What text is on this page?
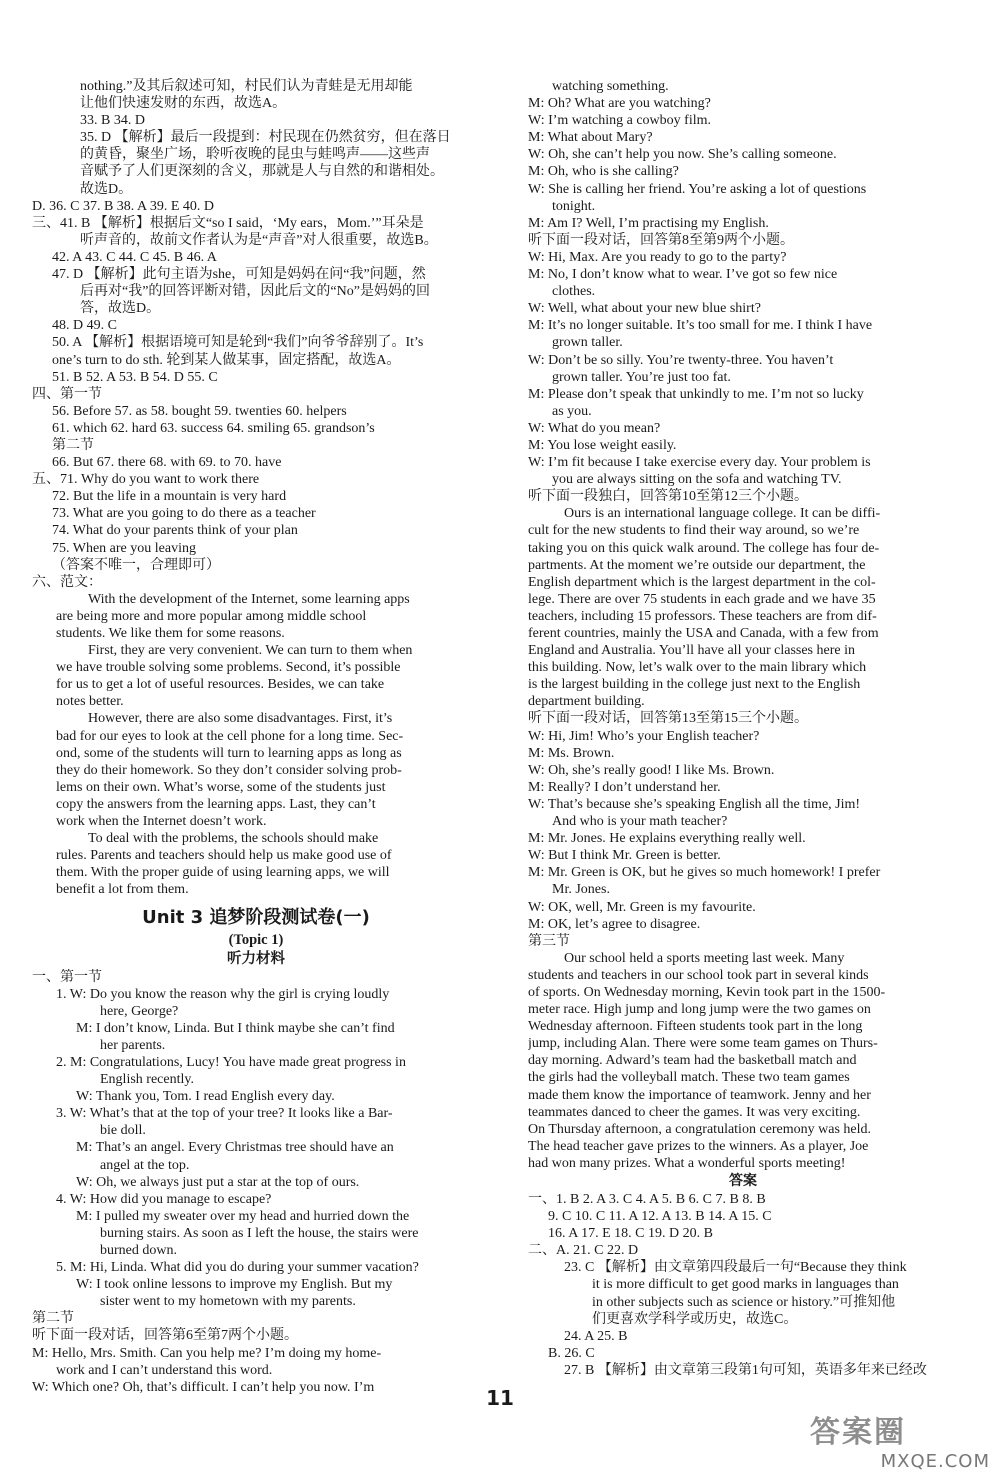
nothing.”及其后叙述可知，村民们认为青蛙是无用却能
让他们快速发财的东西，故选A。
33. B 34. D
35. D 【解析】最后一段提到：村民现在仍然贫穷，但在落日
的黄昏，聚坐广场，聆听夜晚的昆虫与蛙鸣声——这些声
音赋予了人们更深刻的含义，那就是人与自然的和谐相处。
故选D。
D. 36. C 37. B 38. A 39. E 40. D
三、41. B 【解析】根据后文“so I said，‘My ears，Mom.’”耳朵是
听声音的，故前文作者认为是“声音”对人很重要，故选B。
42. A 43. C 44. C 45. B 46. A
47. D 【解析】此句主语为she，可知是妈妈在问“我”问题，然
后再对“我”的回答评断对错，因此后文的“No”是妈妈的回
答，故选D。
48. D 49. C
50. A 【解析】根据语境可知是轮到“我们”向爷爷辞别了。It’s
one’s turn to do sth. 轮到某人做某事，固定搭配，故选A。
51. B 52. A 53. B 54. D 55. C
四、第一节
56. Before 57. as 58. bought 59. twenties 60. helpers
61. which 62. hard 63. success 64. smiling 65. grandson’s
第二节
66. But 67. there 68. with 69. to 70. have
五、71. Why do you want to work there
72. But the life in a mountain is very hard
73. What are you going to do there as a teacher
74. What do your parents think of your plan
75. When are you leaving
（答案不唯一，合理即可）
六、范文：
With the development of the Internet, some learning apps
are being more and more popular among middle school
students. We like them for some reasons.
First, they are very convenient. We can turn to them when
we have trouble solving some problems. Second, it’s possible
for us to get a lot of useful resources. Besides, we can take
notes better.
However, there are also some disadvantages. First, it’s
bad for our eyes to look at the cell phone for a long time. Sec-
ond, some of the students will turn to learning apps as long as
they do their homework. So they don’t consider solving prob-
lems on their own. What’s worse, some of the students just
copy the answers from the learning apps. Last, they can’t
work when the Internet doesn’t work.
To deal with the problems, the schools should make
rules. Parents and teachers should help us make good use of
them. With the proper guide of using learning apps, we will
benefit a lot from them.
Unit 3 追梦阶段测试卷(一)
(Topic 1)
听力材料
一、第一节
1. W: Do you know the reason why the girl is crying loudly
here, George?
M: I don’t know, Linda. But I think maybe she can’t find
her parents.
2. M: Congratulations, Lucy! You have made great progress in
English recently.
W: Thank you, Tom. I read English every day.
3. W: What’s that at the top of your tree? It looks like a Bar-
bie doll.
M: That’s an angel. Every Christmas tree should have an
angel at the top.
W: Oh, we always just put a star at the top of ours.
4. W: How did you manage to escape?
M: I pulled my sweater over my head and hurried down the
burning stairs. As soon as I left the house, the stairs were
burned down.
5. M: Hi, Linda. What did you do during your summer vacation?
W: I took online lessons to improve my English. But my
sister went to my hometown with my parents.
第二节
听下面一段对话，回答第6至第7两个小题。
M: Hello, Mrs. Smith. Can you help me? I’m doing my home-
work and I can’t understand this word.
W: Which one? Oh, that’s difficult. I can’t help you now. I’m
watching something.
M: Oh? What are you watching?
W: I’m watching a cowboy film.
M: What about Mary?
W: Oh, she can’t help you now. She’s calling someone.
M: Oh, who is she calling?
W: She is calling her friend. You’re asking a lot of questions
tonight.
M: Am I? Well, I’m practising my English.
听下面一段对话，回答第8至第9两个小题。
W: Hi, Max. Are you ready to go to the party?
M: No, I don’t know what to wear. I’ve got so few nice
clothes.
W: Well, what about your new blue shirt?
M: It’s no longer suitable. It’s too small for me. I think I have
grown taller.
W: Don’t be so silly. You’re twenty-three. You haven’t
grown taller. You’re just too fat.
M: Please don’t speak that unkindly to me. I’m not so lucky
as you.
W: What do you mean?
M: You lose weight easily.
W: I’m fit because I take exercise every day. Your problem is
you are always sitting on the sofa and watching TV.
听下面一段独白，回答第10至第12三个小题。
Ours is an international language college. It can be diffi-
cult for the new students to find their way around, so we’re
taking you on this quick walk around. The college has four de-
partments. At the moment we’re outside our department, the
English department which is the largest department in the col-
lege. There are over 75 students in each grade and we have 35
teachers, including 15 professors. These teachers are from dif-
ferent countries, mainly the USA and Canada, with a few from
England and Australia. You’ll have all your classes here in
this building. Now, let’s walk over to the main library which
is the largest building in the college just next to the English
department building.
听下面一段对话，回答第13至第15三个小题。
W: Hi, Jim! Who’s your English teacher?
M: Ms. Brown.
W: Oh, she’s really good! I like Ms. Brown.
M: Really? I don’t understand her.
W: That’s because she’s speaking English all the time, Jim!
And who is your math teacher?
M: Mr. Jones. He explains everything really well.
W: But I think Mr. Green is better.
M: Mr. Green is OK, but he gives so much homework! I prefer
Mr. Jones.
W: OK, well, Mr. Green is my favourite.
M: OK, let’s agree to disagree.
第三节
Our school held a sports meeting last week. Many
students and teachers in our school took part in several kinds
of sports. On Wednesday morning, Kevin took part in the 1500-
meter race. High jump and long jump were the two games on
Wednesday afternoon. Fifteen students took part in the long
jump, including Alan. There were some team games on Thurs-
day morning. Adward’s team had the basketball match and
the girls had the volleyball match. These two team games
made them know the importance of teamwork. Jenny and her
teammates danced to cheer the games. It was very exciting.
On Thursday afternoon, a congratulation ceremony was held.
The head teacher gave prizes to the winners. As a player, Joe
had won many prizes. What a wonderful sports meeting!
答案
一、1. B 2. A 3. C 4. A 5. B 6. C 7. B 8. B
9. C 10. C 11. A 12. A 13. B 14. A 15. C
16. A 17. E 18. C 19. D 20. B
二、A. 21. C 22. D
23. C 【解析】由文章第四段最后一句“Because they think
it is more difficult to get good marks in languages than
in other subjects such as science or history.”可推知他
们更喜欢学科学或历史，故选C。
24. A 25. B
B. 26. C
27. B 【解析】由文章第三段第1句可知，英语多年来已经改
11
答案圈
MXQE.COM
